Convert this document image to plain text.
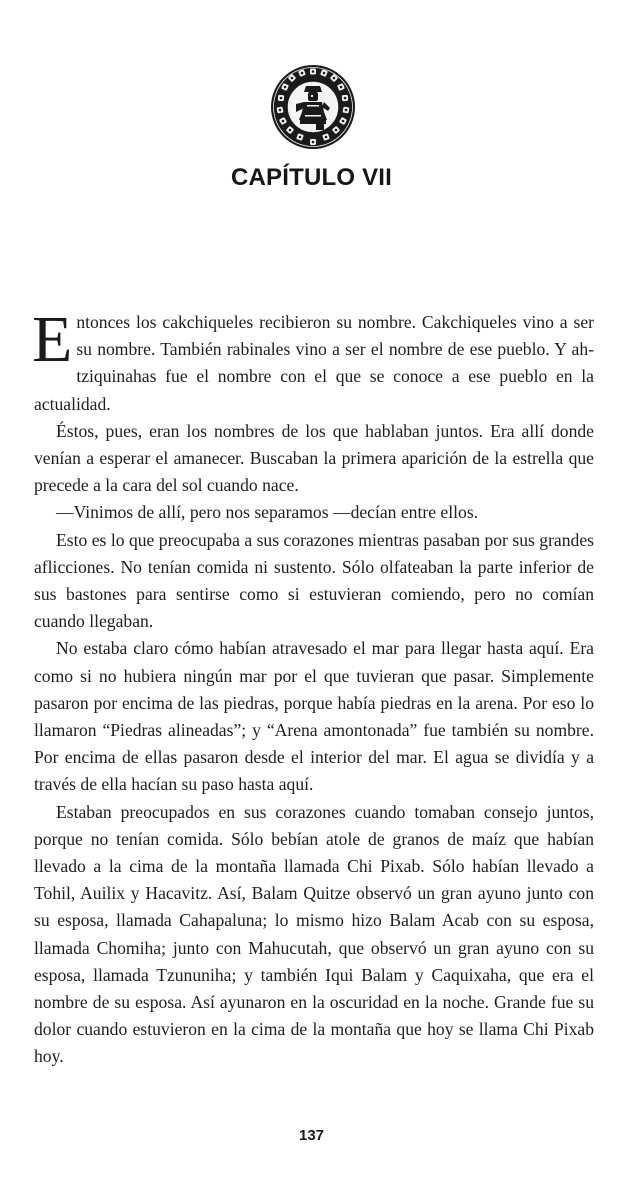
CAPÍTULO VII

Entonces los cakchiqueles recibieron su nombre. Cakchiqueles vino a ser su nombre. También rabinales vino a ser el nombre de ese pueblo. Y ah-tziquinahas fue el nombre con el que se conoce a ese pueblo en la actualidad.

Éstos, pues, eran los nombres de los que hablaban juntos. Era allí donde venían a esperar el amanecer. Buscaban la primera aparición de la estrella que precede a la cara del sol cuando nace.

—Vinimos de allí, pero nos separamos —decían entre ellos.

Esto es lo que preocupaba a sus corazones mientras pasaban por sus grandes aflicciones. No tenían comida ni sustento. Sólo olfateaban la parte inferior de sus bastones para sentirse como si estuvieran comiendo, pero no comían cuando llegaban.

No estaba claro cómo habían atravesado el mar para llegar hasta aquí. Era como si no hubiera ningún mar por el que tuvieran que pasar. Simplemente pasaron por encima de las piedras, porque había piedras en la arena. Por eso lo llamaron “Piedras alineadas”; y “Arena amontonada” fue también su nombre. Por encima de ellas pasaron desde el interior del mar. El agua se dividía y a través de ella hacían su paso hasta aquí.

Estaban preocupados en sus corazones cuando tomaban consejo juntos, porque no tenían comida. Sólo bebían atole de granos de maíz que habían llevado a la cima de la montaña llamada Chi Pixab. Sólo habían llevado a Tohil, Auilix y Hacavitz. Así, Balam Quitze observó un gran ayuno junto con su esposa, llamada Cahapaluna; lo mismo hizo Balam Acab con su esposa, llamada Chomiha; junto con Mahucutah, que observó un gran ayuno con su esposa, llamada Tzununiha; y también Iqui Balam y Caquixaha, que era el nombre de su esposa. Así ayunaron en la oscuridad en la noche. Grande fue su dolor cuando estuvieron en la cima de la montaña que hoy se llama Chi Pixab hoy.

137
